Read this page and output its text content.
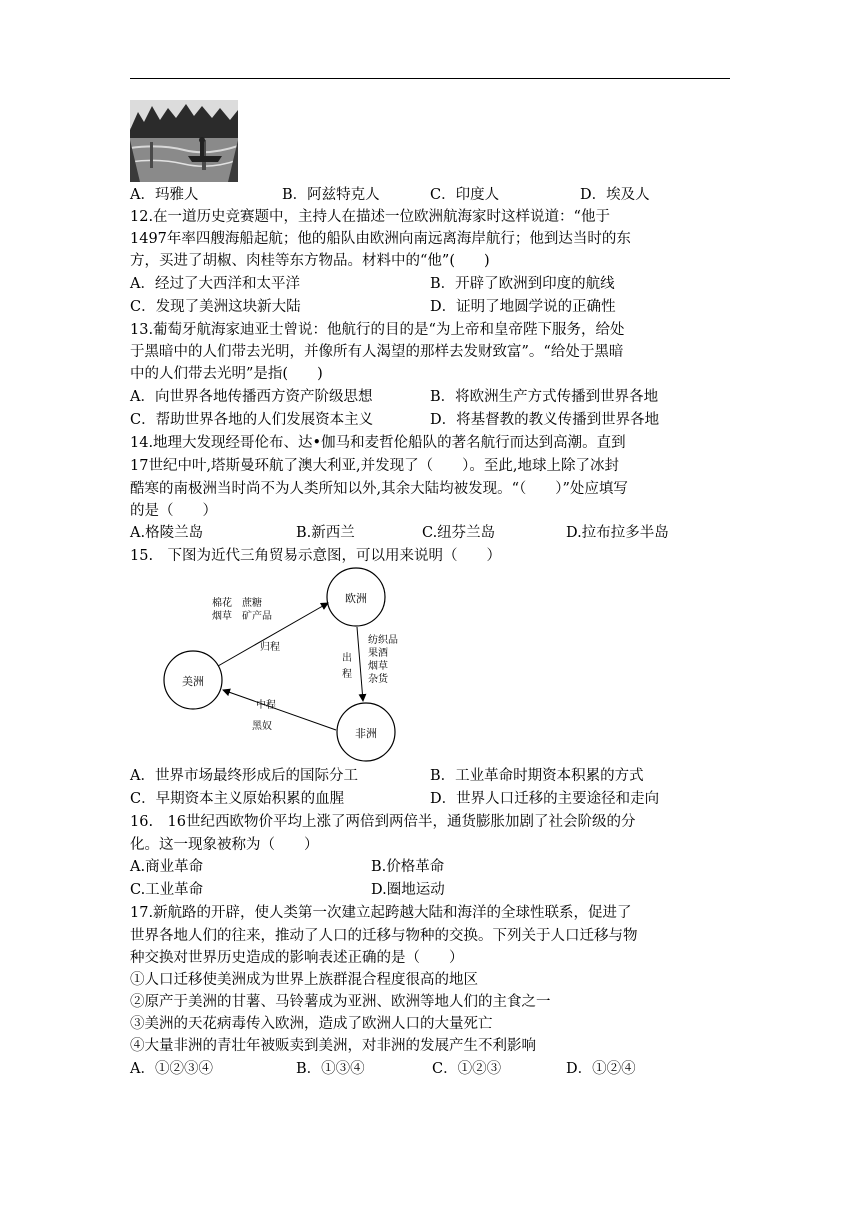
A．玛雅人	B．阿兹特克人	C．印度人	D．埃及人
12.在一道历史竞赛题中，主持人在描述一位欧洲航海家时这样说道：“他于
1497年率四艘海船起航；他的船队由欧洲向南远离海岸航行；他到达当时的东
方，买进了胡椒、肉桂等东方物品。材料中的“他”(　　)
A．经过了大西洋和太平洋	B．开辟了欧洲到印度的航线
C．发现了美洲这块新大陆	D．证明了地圆学说的正确性
13.葡萄牙航海家迪亚士曾说：他航行的目的是“为上帝和皇帝陛下服务，给处
于黑暗中的人们带去光明，并像所有人渴望的那样去发财致富”。“给处于黑暗
中的人们带去光明”是指(　　)
A．向世界各地传播西方资产阶级思想	B．将欧洲生产方式传播到世界各地
C．帮助世界各地的人们发展资本主义	D．将基督教的教义传播到世界各地
14.地理大发现经哥伦布、达•伽马和麦哲伦船队的著名航行而达到高潮。直到
17世纪中叶,塔斯曼环航了澳大利亚,并发现了（　　）。至此,地球上除了冰封
酷寒的南极洲当时尚不为人类所知以外,其余大陆均被发现。“（　　）”处应填写
的是（　　）
A.格陵兰岛	B.新西兰	C.纽芬兰岛	D.拉布拉多半岛
15.　下图为近代三角贸易示意图，可以用来说明（　　）
欧洲
美洲
非洲
棉花　蔗糖
烟草　矿产品
归程
出
程
纺织品
果酒
烟草
杂货
中程
黑奴
A．世界市场最终形成后的国际分工	B．工业革命时期资本积累的方式
C．早期资本主义原始积累的血腥	D．世界人口迁移的主要途径和走向
16.　16世纪西欧物价平均上涨了两倍到两倍半，通货膨胀加剧了社会阶级的分
化。这一现象被称为（　　）
A.商业革命	B.价格革命
C.工业革命	D.圈地运动
17.新航路的开辟，使人类第一次建立起跨越大陆和海洋的全球性联系，促进了
世界各地人们的往来，推动了人口的迁移与物种的交换。下列关于人口迁移与物
种交换对世界历史造成的影响表述正确的是（　　）
①人口迁移使美洲成为世界上族群混合程度很高的地区
②原产于美洲的甘薯、马铃薯成为亚洲、欧洲等地人们的主食之一
③美洲的天花病毒传入欧洲，造成了欧洲人口的大量死亡
④大量非洲的青壮年被贩卖到美洲，对非洲的发展产生不利影响
A．①②③④	B．①③④	C．①②③	D．①②④
